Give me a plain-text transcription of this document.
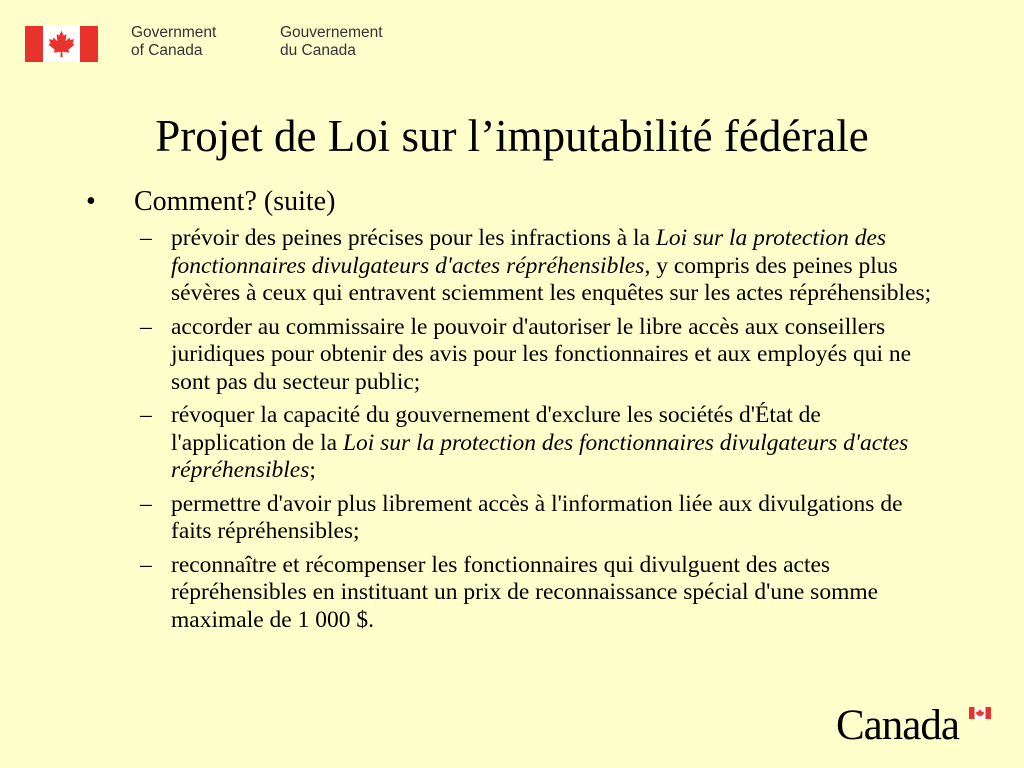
Government
of Canada
Gouvernement
du Canada
Projet de Loi sur l’imputabilité fédérale
• Comment? (suite)
– prévoir des peines précises pour les infractions à la Loi sur la protection des fonctionnaires divulgateurs d'actes répréhensibles, y compris des peines plus sévères à ceux qui entravent sciemment les enquêtes sur les actes répréhensibles;
– accorder au commissaire le pouvoir d'autoriser le libre accès aux conseillers juridiques pour obtenir des avis pour les fonctionnaires et aux employés qui ne sont pas du secteur public;
– révoquer la capacité du gouvernement d'exclure les sociétés d'État de l'application de la Loi sur la protection des fonctionnaires divulgateurs d'actes répréhensibles;
– permettre d'avoir plus librement accès à l'information liée aux divulgations de faits répréhensibles;
– reconnaître et récompenser les fonctionnaires qui divulguent des actes répréhensibles en instituant un prix de reconnaissance spécial d'une somme maximale de 1 000 $.
Canada
